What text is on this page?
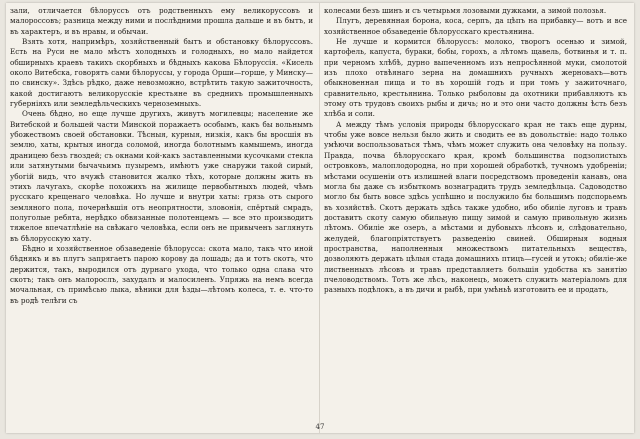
зали, отличается бѣлоруссъ отъ родственныхъ ему великоруссовъ и малороссовъ; разница между ними и послѣдними прошла дальше и въ бытъ, и въ характеръ, и въ нравы, и обычаи.

Взять хотя, напримѣръ, хозяйственный бытъ и обстановку бѣлоруссовъ. Есть на Руси не мало мѣстъ холодныхъ и голодныхъ, но мало найдется обширныхъ краевъ такихъ скорбныхъ и бѣдныхъ какова Бѣлоруссія. «Кисель около Витебска, говорятъ сами бѣлоруссы, у города Орши—горше, у Минску—по свинску». Здѣсь рѣдко, даже невозможно, встрѣтить такую зажиточность, какой достигаютъ великорусскіе крестьяне въ среднихъ промышленныхъ губерніяхъ или земледѣльческихъ черноземныхъ.

Очень бѣдно, но еще лучше другихъ, живутъ могилевцы; население же Витебской и большей части Минской поражаетъ особымъ, какъ бы вольнымъ убожествомъ своей обстановки. Тѣсныя, курныя, низкія, какъ бы вросшія въ землю, хаты, крытыя иногда соломой, иногда болотнымъ камышемъ, иногда драницею безъ гвоздей; съ окнами кой-какъ заставленными кусочками стекла или затянутыми бычачьимъ пузыремъ, имѣютъ уже снаружи такой сирый, убогій видъ, что вчужѣ становится жалко тѣхъ, которые должны жить въ этихъ лачугахъ, скорѣе похожихъ на жилище первобытныхъ людей, чѣмъ русскаго крещенаго человѣка. Но лучше и внутри хаты: грязь отъ сырого земляного пола, почернѣвшія отъ неопрятности, зловонія, спёртый смрадъ, полуголые ребята, нерѣдко обвязанные полотенцемъ — все это производитъ тяжелое впечатлѣніе на свѣжаго человѣка, если онъ не привыченъ заглянуть въ бѣлорусскую хату.

Бѣдно и хозяйственное обзаведеніе бѣлорусса: скота мало, такъ что иной бѣднякъ и въ плугъ запрягаетъ парою корову да лошадь; да и тотъ скотъ, что держится, такъ, выродился отъ дурнаго ухода, что только одна слава что скотъ; такъ онъ малорослъ, захудалъ и малосиленъ. Упряжь на немъ всегда мочальная, съ примѣсью лыка, вѣники для ѣзды—лѣтомъ колеса, т. е. что-то въ родѣ телѣги съ

колесами безъ шинъ и съ четырьмя лозовыми дужками, а зимой полозья.

Плугъ, деревянная борона, коса, серпъ, да цѣпъ на прибавку— вотъ и все хозяйственное обзаведеніе бѣлорусскаго крестьянина.

Не лучше и кормится бѣлоруссъ: молоко, творогъ осенью и зимой, картофель, капуста, бураки, бобы, горохъ, а лѣтомъ щавель, ботвинья и т. п. при черномъ хлѣбѣ, дурно выпеченномъ изъ непросѣянной муки, смолотой изъ плохо отвѣянаго зерна на домашнихъ ручныхъ жерновахъ—вотъ обыкновенная пища и то въ хорошій годъ и при томъ у зажиточнаго, сравнительно, крестьянина. Только рыболовы да охотники прибавляютъ къ этому отъ трудовъ своихъ рыбы и дичь; но и это они часто должны ѣсть безъ хлѣба и соли.

А между тѣмъ условія природы бѣлорусскаго края не такъ еще дурны, чтобы уже вовсе нельзя было жить и сводить ее въ довольствіе: надо только умѣючи воспользоваться тѣмъ, чѣмъ может служить она человѣку на пользу. Правда, почва бѣлорусскаго края, кромѣ большинства подзолистыхъ островковъ, малоплодородна, но при хорошей обработкѣ, тучномъ удобреніи; мѣстами осушеніи отъ излишней влаги посредствомъ проведенія канавъ, она могла бы даже съ избыткомъ вознаградить трудъ земледѣльца. Садоводство могло бы быть вовсе здѣсь успѣшно и послужило бы большимъ подспорьемъ въ хозяйствѣ. Скотъ держать здѣсь также удобно, ибо обиліе луговъ и травъ доставитъ скоту самую обильную пищу зимой и самую привольную жизнь лѣтомъ. Обиліе же озеръ, а мѣстами и дубовыхъ лѣсовъ и, слѣдовательно, желудей, благопріятствуетъ разведенію свиней. Обширныя водныя пространства, наполненныя множествомъ питательныхъ веществъ, дозволяютъ держать цѣлыя стада домашнихъ птицъ—гусей и утокъ; обиліе-же лиственныхъ лѣсовъ и травъ представляетъ большія удобства къ занятію пчеловодствомъ. Тотъ же лѣсъ, наконецъ, можетъ служить матеріаломъ для разныхъ подѣлокъ, а въ дичи и рыбѣ, при умѣньѣ изготовить ее и продать,

47
